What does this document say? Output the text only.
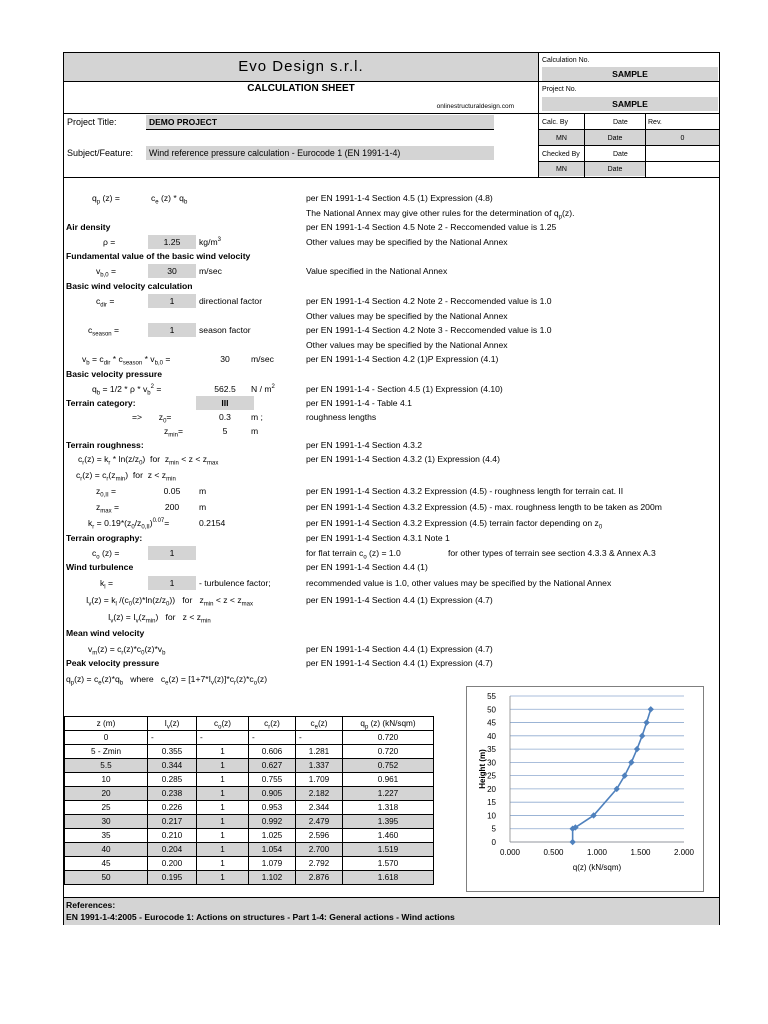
Evo Design s.r.l.
CALCULATION SHEET
onlinestructuraldesign.com
Calculation No.
SAMPLE
Project No.
SAMPLE
Calc. By	Date	Rev.
MN	Date	0
Checked By	Date
MN	Date
Project Title:	DEMO PROJECT
Subject/Feature: Wind reference pressure calculation - Eurocode 1 (EN 1991-1-4)
$q_p$ (z) =	$c_e$ $(z) * q_b$	per EN 1991-1-4 Section 4.5 (1) Expression (4.8)
The National Annex may give other rules for the determination of $q_p(z)$.
Air density	per EN 1991-1-4 Section 4.5 Note 2 - Reccomended value is 1.25
ρ =	1.25	$kg/m^3$	Other values may be specified by the National Annex
Fundamental value of the basic wind velocity
$v_{b,0}$ =	30	m/sec	Value specified in the National Annex
Basic wind velocity calculation
$c_{dir}$ =	1	directional factor	per EN 1991-1-4 Section 4.2 Note 2 - Reccomended value is 1.0
Other values may be specified by the National Annex
$c_{season}$ =	1	season factor	per EN 1991-1-4 Section 4.2 Note 3 - Reccomended value is 1.0
Other values may be specified by the National Annex
$v_b = c_{dir} * c_{season} * v_{b,0}$ =	30	m/sec	per EN 1991-1-4 Section 4.2 (1)P Expression (4.1)
Basic velocity pressure
$q_b = 1/2 * \rho * v_b^2$ =	562.5	N / $m^2$	per EN 1991-1-4 - Section 4.5 (1) Expression (4.10)
Terrain category:	III	per EN 1991-1-4 - Table 4.1
=>       $z_0=$	0.3	m ;	roughness lengths
$z_{min}=$	5	m
Terrain roughness:	per EN 1991-1-4 Section 4.3.2
$c_r(z) = k_r * \ln(z/z_0)$  for  $z_{min} < z < z_{max}$	per EN 1991-1-4 Section 4.3.2 (1) Expression (4.4)
$c_r(z) = c_r(z_{min})$  for  $z < z_{min}$
$z_{0,II}$ =	0.05	m	per EN 1991-1-4 Section 4.3.2 Expression (4.5) - roughness length for terrain cat. II
$z_{max}$ =	200	m	per EN 1991-1-4 Section 4.3.2 Expression (4.5) - max. roughness length to be taken as 200m
$k_r = 0.19*(z_0/z_{0,II})^{0.07}=$	0.2154	per EN 1991-1-4 Section 4.3.2 Expression (4.5) terrain factor depending on $z_0$
Terrain orography:	per EN 1991-1-4 Section 4.3.1 Note 1
$c_o$ (z) =	1	for flat terrain $c_o$ (z) = 1.0	for other types of terrain see section 4.3.3 & Annex A.3
Wind turbulence	per EN 1991-1-4 Section 4.4 (1)
$k_l$ =	1	- turbulence factor;	recommended value is 1.0, other values may be specified by the National Annex
$I_v(z) = k_l$ $/(c_0(z)*\ln(z/z_0))$   for   $z_{min} < z < z_{max}$	per EN 1991-1-4 Section 4.4 (1) Expression (4.7)
$I_v(z) = I_v(z_{min})$   for   $z < z_{min}$
Mean wind velocity
$v_m(z) = c_r(z)*c_0(z)*v_b$	per EN 1991-1-4 Section 4.4 (1) Expression (4.7)
Peak velocity pressure	per EN 1991-1-4 Section 4.4 (1) Expression (4.7)
$q_p(z) = c_e(z)*q_b$   where   $c_e(z) = [1+7*I_v(z)]*c_r(z)*c_o(z)$
z (m)	$I_v(z)$	$c_o(z)$	$c_r(z)$	$c_e(z)$	$q_p$ (z) (kN/sqm)
0	-	-	-	-	0.720
5 - Zmin	0.355	1	0.606	1.281	0.720
5.5	0.344	1	0.627	1.337	0.752
10	0.285	1	0.755	1.709	0.961
20	0.238	1	0.905	2.182	1.227
25	0.226	1	0.953	2.344	1.318
30	0.217	1	0.992	2.479	1.395
35	0.210	1	1.025	2.596	1.460
40	0.204	1	1.054	2.700	1.519
45	0.200	1	1.079	2.792	1.570
50	0.195	1	1.102	2.876	1.618
0
5
10
15
20
25
30
35
40
45
50
55
0.000	0.500	1.000	1.500	2.000
q(z) (kN/sqm)
Height (m)
References:
EN 1991-1-4:2005 - Eurocode 1: Actions on structures - Part 1-4: General actions - Wind actions
